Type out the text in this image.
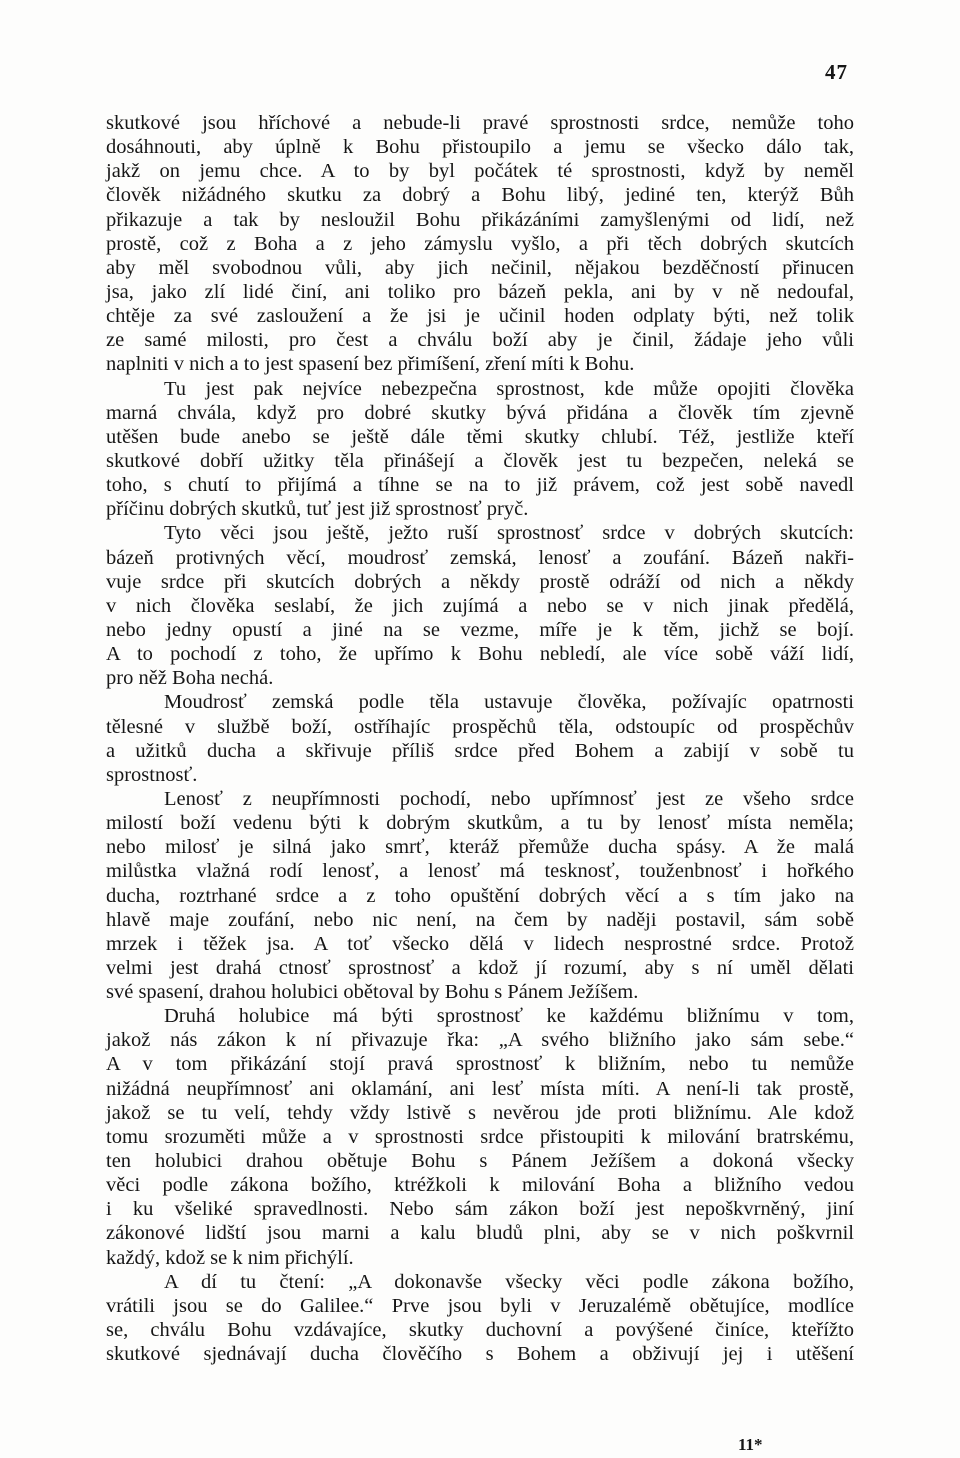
47
skutkové jsou hříchové a nebude-li pravé sprostnosti srdce, nemůže toho
dosáhnouti, aby úplně k Bohu přistoupilo a jemu se všecko dálo tak,
jakž on jemu chce. A to by byl počátek té sprostnosti, když by neměl
člověk nižádného skutku za dobrý a Bohu libý, jediné ten, kterýž Bůh
přikazuje a tak by nesloužil Bohu přikázáními zamyšlenými od lidí, než
prostě, což z Boha a z jeho zámyslu vyšlo, a při těch dobrých skutcích
aby měl svobodnou vůli, aby jich nečinil, nějakou bezděčností přinucen
jsa, jako zlí lidé činí, ani toliko pro bázeň pekla, ani by v ně nedoufal,
chtěje za své zasloužení a že jsi je učinil hoden odplaty býti, než tolik
ze samé milosti, pro čest a chválu boží aby je činil, žádaje jeho vůli
naplniti v nich a to jest spasení bez přimíšení, zření míti k Bohu.
Tu jest pak nejvíce nebezpečna sprostnost, kde může opojiti člověka
marná chvála, když pro dobré skutky bývá přidána a člověk tím zjevně
utěšen bude anebo se ještě dále těmi skutky chlubí. Též, jestliže kteří
skutkové dobří užitky těla přinášejí a člověk jest tu bezpečen, neleká se
toho, s chutí to přijímá a tíhne se na to již právem, což jest sobě navedl
příčinu dobrých skutků, tuť jest již sprostnosť pryč.
Tyto věci jsou ještě, ježto ruší sprostnosť srdce v dobrých skutcích:
bázeň protivných věcí, moudrosť zemská, lenosť a zoufání. Bázeň nakři-
vuje srdce při skutcích dobrých a někdy prostě odráží od nich a někdy
v nich člověka seslabí, že jich zujímá a nebo se v nich jinak předělá,
nebo jedny opustí a jiné na se vezme, míře je k těm, jichž se bojí.
A to pochodí z toho, že upřímo k Bohu nebledí, ale více sobě váží lidí,
pro něž Boha nechá.
Moudrosť zemská podle těla ustavuje člověka, požívajíc opatrnosti
tělesné v službě boží, ostříhajíc prospěchů těla, odstoupíc od prospěchův
a užitků ducha a skřivuje příliš srdce před Bohem a zabijí v sobě tu
sprostnosť.
Lenosť z neupřímnosti pochodí, nebo upřímnosť jest ze všeho srdce
milostí boží vedenu býti k dobrým skutkům, a tu by lenosť místa neměla;
nebo milosť je silná jako smrť, kteráž přemůže ducha spásy. A že malá
milůstka vlažná rodí lenosť, a lenosť má tesknosť, touženbnosť i hořkého
ducha, roztrhané srdce a z toho opuštění dobrých věcí a s tím jako na
hlavě maje zoufání, nebo nic není, na čem by naději postavil, sám sobě
mrzek i těžek jsa. A toť všecko dělá v lidech nesprostné srdce. Protož
velmi jest drahá ctnosť sprostnosť a kdož jí rozumí, aby s ní uměl dělati
své spasení, drahou holubici obětoval by Bohu s Pánem Ježíšem.
Druhá holubice má býti sprostnosť ke každému bližnímu v tom,
jakož nás zákon k ní přivazuje řka: „A svého bližního jako sám sebe.“
A v tom přikázání stojí pravá sprostnosť k bližním, nebo tu nemůže
nižádná neupřímnosť ani oklamání, ani lesť místa míti. A není-li tak prostě,
jakož se tu velí, tehdy vždy lstivě s nevěrou jde proti bližnímu. Ale kdož
tomu srozuměti může a v sprostnosti srdce přistoupiti k milování bratrskému,
ten holubici drahou obětuje Bohu s Pánem Ježíšem a dokoná všecky
věci podle zákona božího, ktréžkoli k milování Boha a bližního vedou
i ku všeliké spravedlnosti. Nebo sám zákon boží jest nepoškvrněný, jiní
zákonové lidští jsou marni a kalu bludů plni, aby se v nich poškvrnil
každý, kdož se k nim přichýlí.
A dí tu čtení: „A dokonavše všecky věci podle zákona božího,
vrátili jsou se do Galilee.“ Prve jsou byli v Jeruzalémě obětujíce, modlíce
se, chválu Bohu vzdávajíce, skutky duchovní a povýšené činíce, kteřížto
skutkové sjednávají ducha člověčího s Bohem a obživují jej i utěšení
11*
